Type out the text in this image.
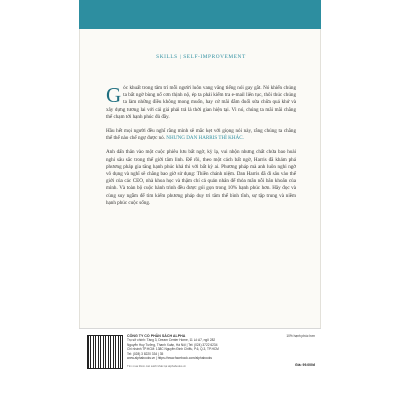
SKILLS | SELF-IMPROVEMENT

Góc khuất trong tâm trí mỗi người luôn vang vẳng tiếng nói gay gắt. Nó khiến chúng ta bất ngờ bùng nổ cơn thịnh nộ, ép ta phải kiểm tra e-mail liên tục, thôi thúc chúng ta làm những điều không mong muốn, hay cứ mãi đắm đuối sửa chữa quá khứ và xây dựng tương lai với cái giá phải trả là thời gian hiện tại. Vì nó, chúng ta mãi mãi chẳng thể chạm tới hạnh phúc đủ đầy.

Hầu hết mọi người đều nghĩ rằng mình sẽ mắc kẹt với giọng nói này, rằng chúng ta chẳng thể thế nào chế ngự được nó. NHƯNG DAN HARRIS THÌ KHÁC.

Anh dấn thân vào một cuộc phiêu lưu bất ngờ, kỳ lạ, vui nhộn nhưng chất chứa bao hoài nghi sâu sắc trong thế giới tâm linh. Để rồi, theo một cách bất ngờ, Harris đã khám phá phương pháp gia tăng hạnh phúc khả thi với bất kỳ ai. Phương pháp mà anh luôn nghi ngờ vô dụng và nghĩ sẽ chẳng bao giờ sử dụng: Thiền chánh niệm. Dan Harris đã đi sâu vào thế giới của các CEO, nhà khoa học và thậm chí cả quản nhân để thỏa mãn nỗi băn khoăn của mình. Và toàn bộ cuộc hành trình đều được gói gọn trong 10% hạnh phúc hơn. Hãy đọc và cùng suy ngẫm để tìm kiếm phương pháp duy trì tâm thế bình tĩnh, sự tập trung và niềm hạnh phúc cuộc sống.

CÔNG TY CỔ PHẦN SÁCH ALPHA
Trụ sở chính: Tầng 3, Dream Center Home, 11 Lô A7, ngõ 282
Nguyễn Huy Tưởng, Thanh Xuân, Hà Nội | Tel: (024) 3722 6234
Chi nhánh TP.HCM: 138C Nguyễn Đình Chiểu, P.6, Q.3, TP.HCM
Tel: (028) 3 8220 334 | 35
www.alphabooks.vn | https://www.facebook.com/alphabooks
10% hạnh phúc hơn
Tìm mua thêm các sách khác tại alphabooks.vn	Giá: 99.000đ
